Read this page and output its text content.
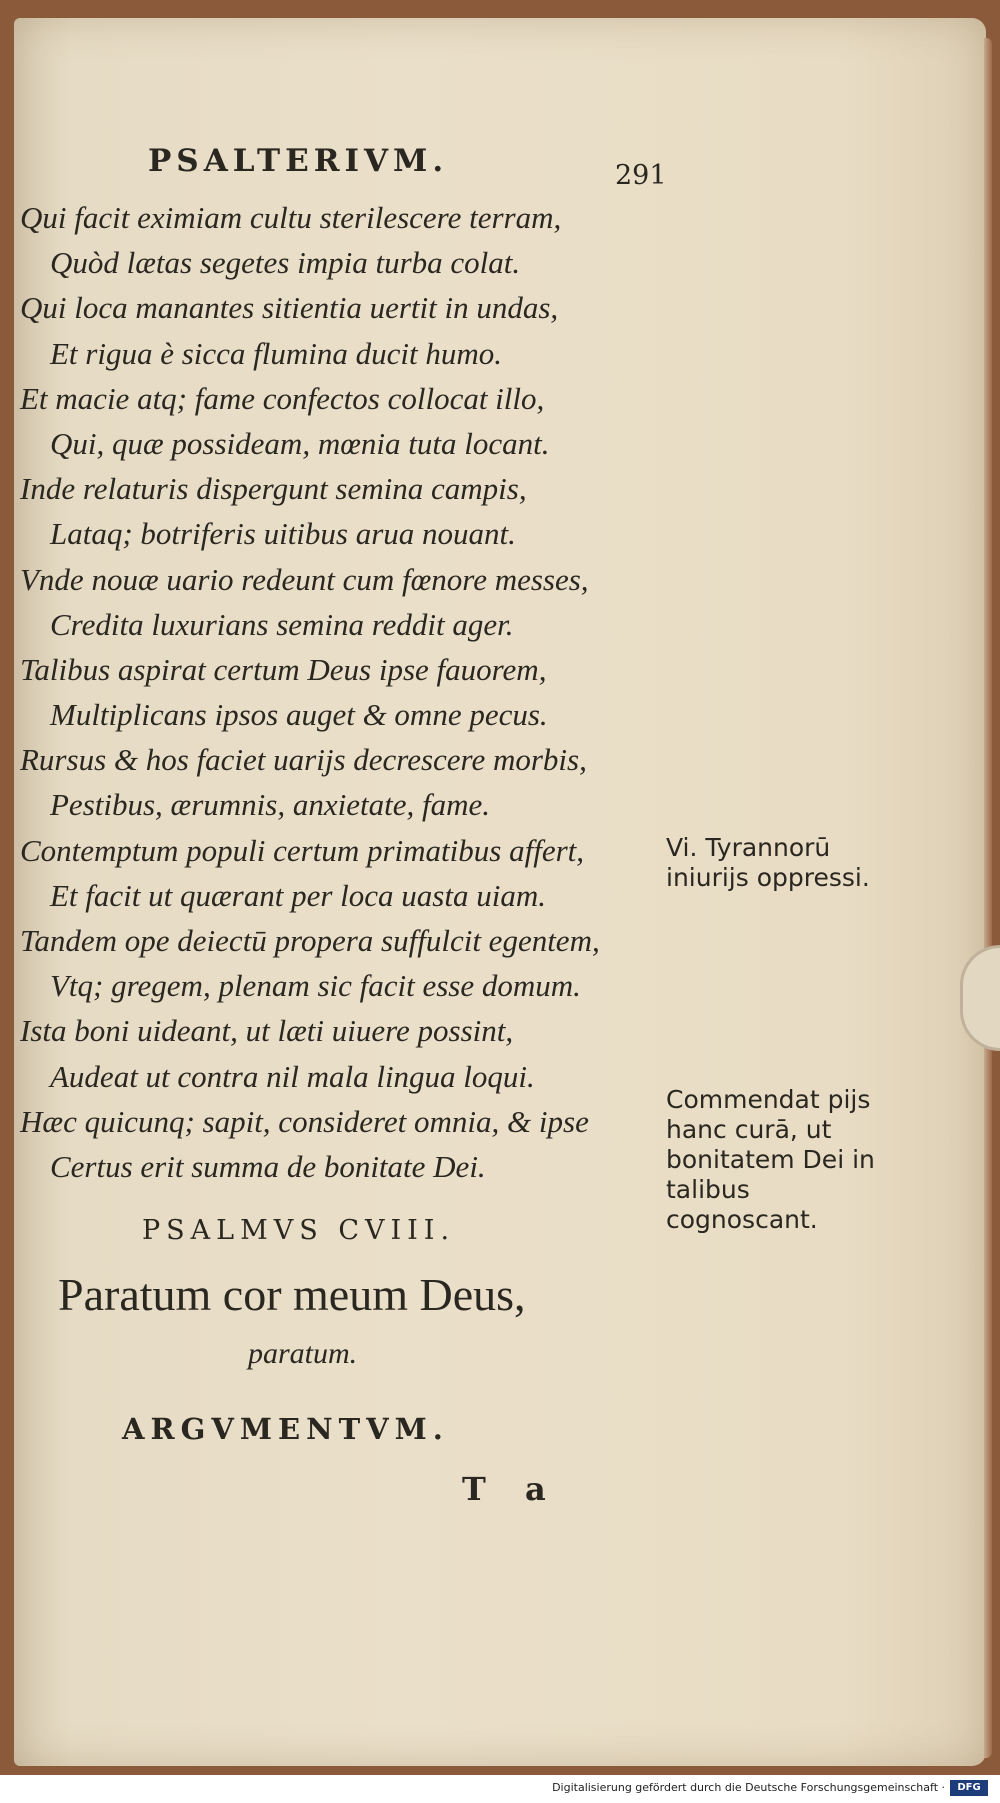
PSALTERIVM.	291
Qui facit eximiam cultu sterilescere terram,
Quòd lætas segetes impia turba colat.
Qui loca manantes sitientia uertit in undas,
Et rigua è sicca flumina ducit humo.
Et macie atq; fame confectos collocat illo,
Qui, quæ possideam, mœnia tuta locant.
Inde relaturis dispergunt semina campis,
Lataq; botriferis uitibus arua nouant.
Vnde nouæ uario redeunt cum fœnore messes,
Credita luxurians semina reddit ager.
Talibus aspirat certum Deus ipse fauorem,
Multiplicans ipsos auget & omne pecus.
Rursus & hos faciet uarijs decrescere morbis,
Pestibus, ærumnis, anxietate, fame.
Contemptum populi certum primatibus affert,
Et facit ut quærant per loca uasta uiam.
Tandem ope deiectū propera suffulcit egentem,
Vtq; gregem, plenam sic facit esse domum.
Ista boni uideant, ut læti uiuere possint,
Audeat ut contra nil mala lingua loqui.
Hæc quicunq; sapit, consideret omnia, & ipse
Certus erit summa de bonitate Dei.
Vi. Tyrannorū iniurijs oppressi.
Commendat pijs hanc curā, ut bonitatem Dei in talibus cognoscant.
PSALMVS CVIII.
Paratum cor meum Deus,
paratum.
ARGVMENTVM.
T a
Digitalisierung gefördert durch die Deutsche Forschungsgemeinschaft ·	DFG
